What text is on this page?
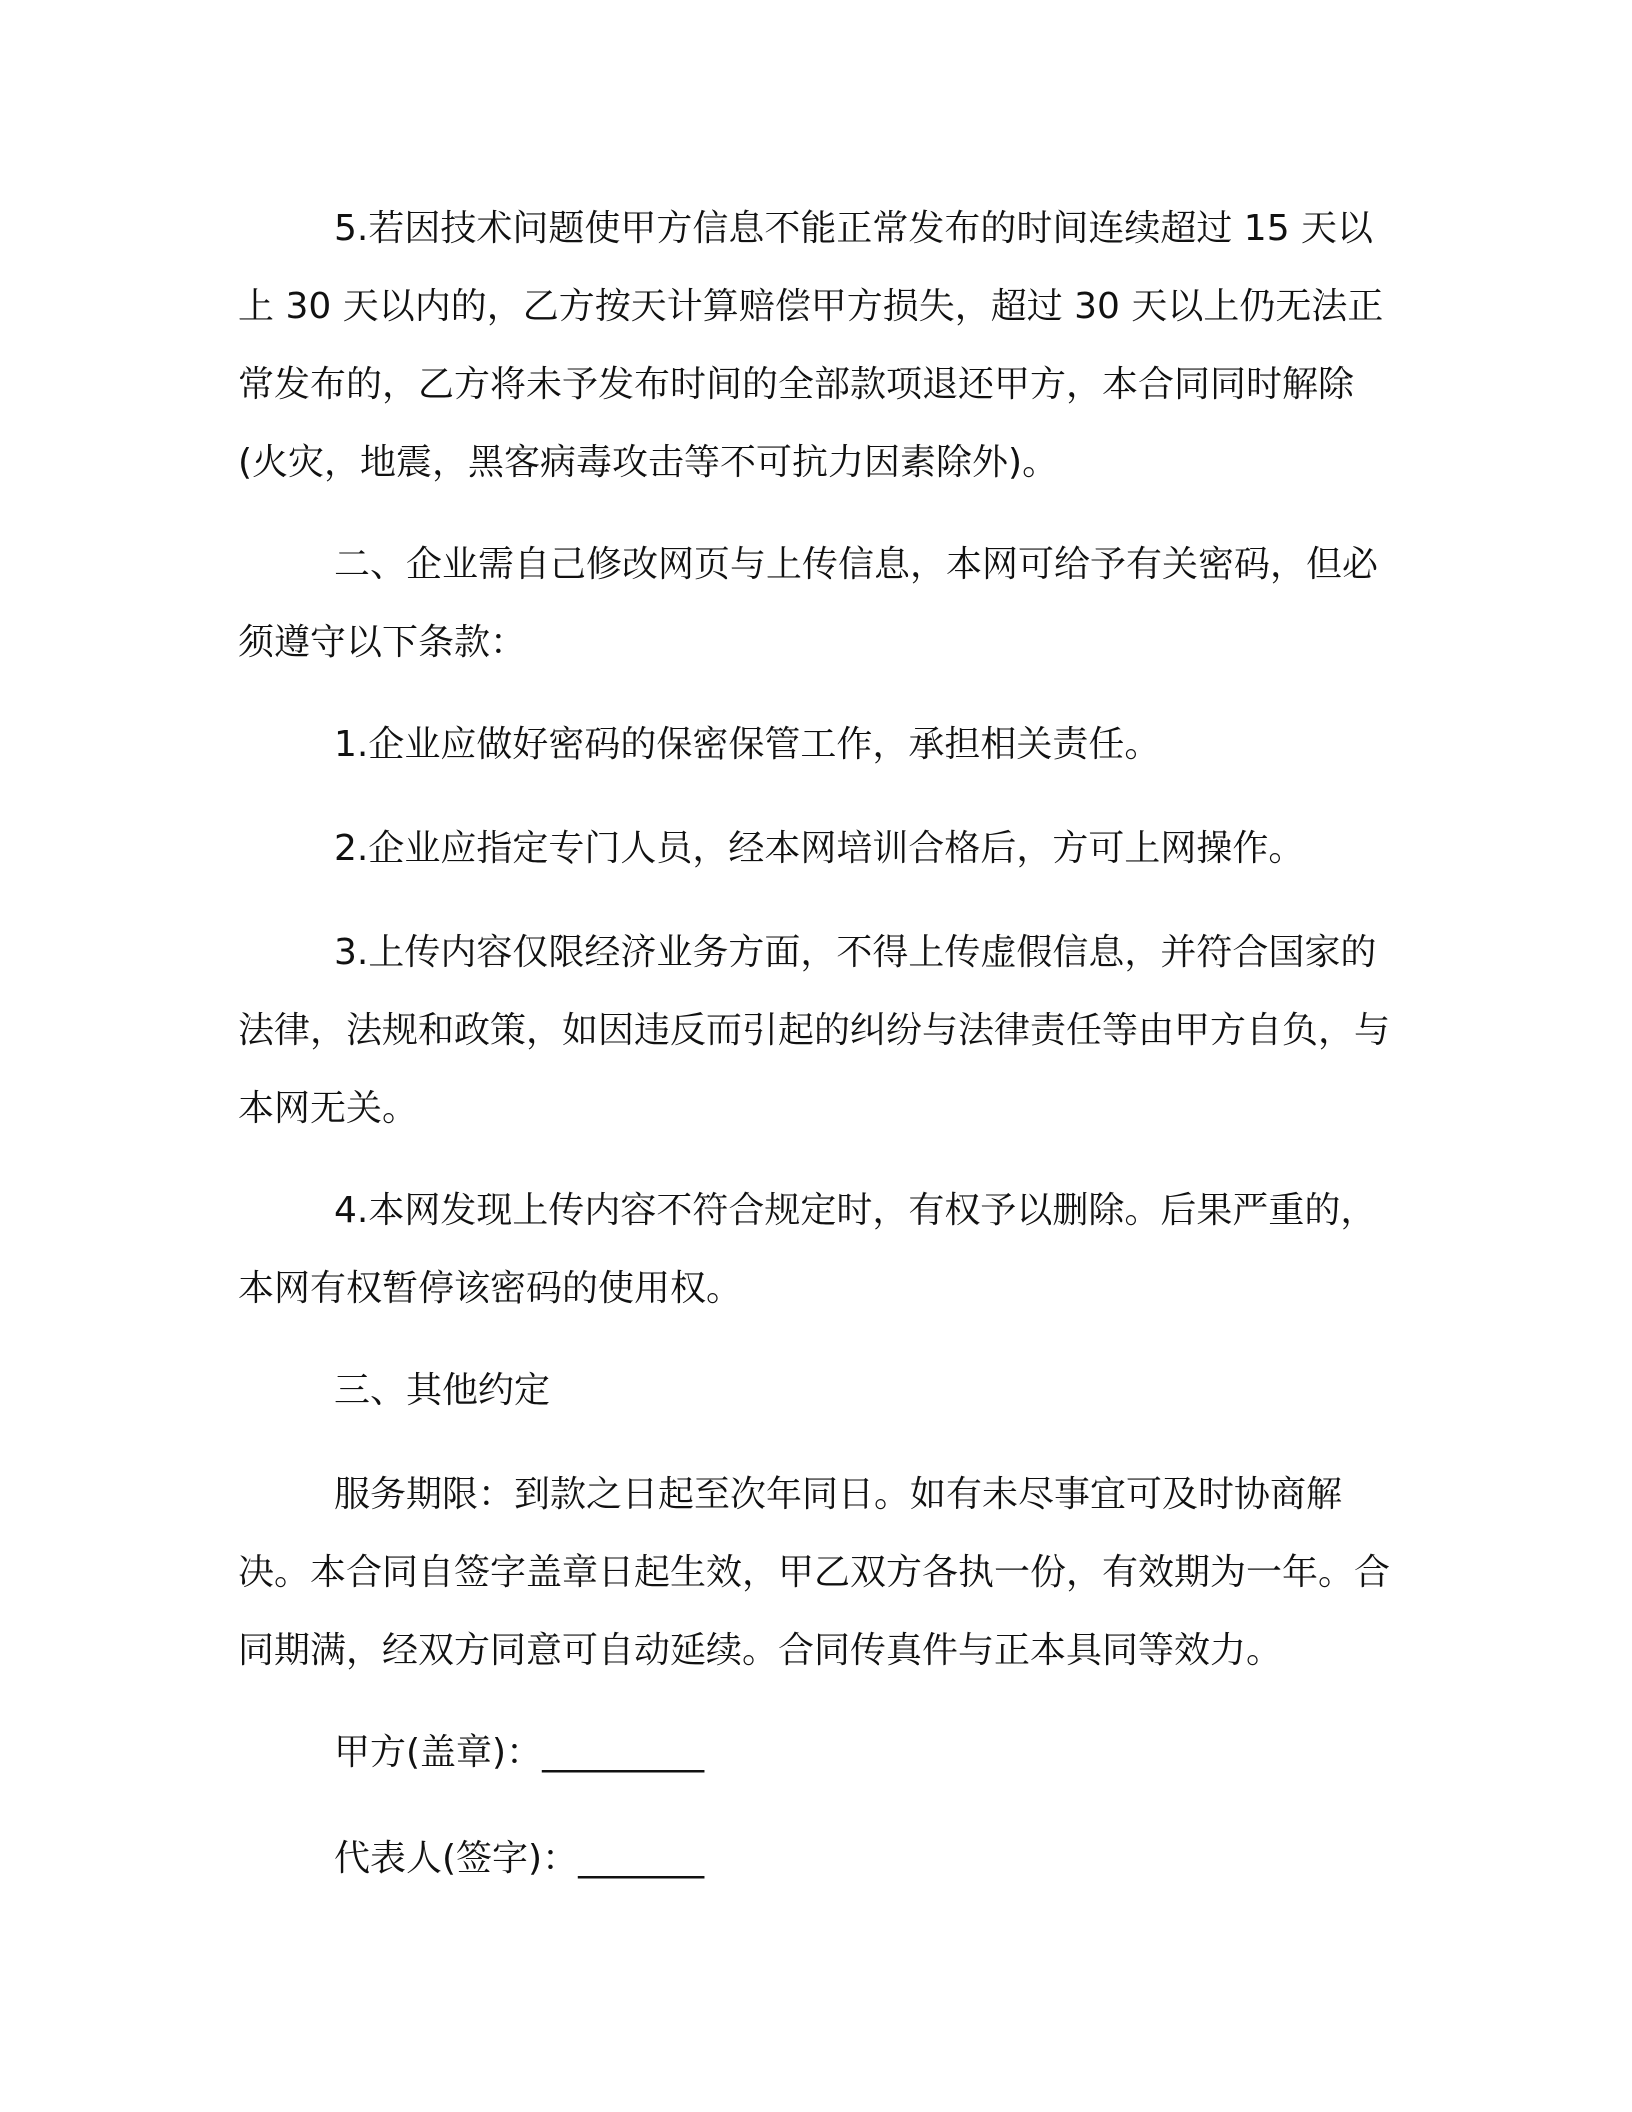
5.若因技术问题使甲方信息不能正常发布的时间连续超过 15 天以上 30 天以内的，乙方按天计算赔偿甲方损失，超过 30 天以上仍无法正常发布的，乙方将未予发布时间的全部款项退还甲方，本合同同时解除(火灾，地震，黑客病毒攻击等不可抗力因素除外)。

二、企业需自己修改网页与上传信息，本网可给予有关密码，但必须遵守以下条款：

1.企业应做好密码的保密保管工作，承担相关责任。

2.企业应指定专门人员，经本网培训合格后，方可上网操作。

3.上传内容仅限经济业务方面，不得上传虚假信息，并符合国家的法律，法规和政策，如因违反而引起的纠纷与法律责任等由甲方自负，与本网无关。

4.本网发现上传内容不符合规定时，有权予以删除。后果严重的，本网有权暂停该密码的使用权。

三、其他约定

服务期限：到款之日起至次年同日。如有未尽事宜可及时协商解决。本合同自签字盖章日起生效，甲乙双方各执一份，有效期为一年。合同期满，经双方同意可自动延续。合同传真件与正本具同等效力。

甲方(盖章)：_________

代表人(签字)：_______
